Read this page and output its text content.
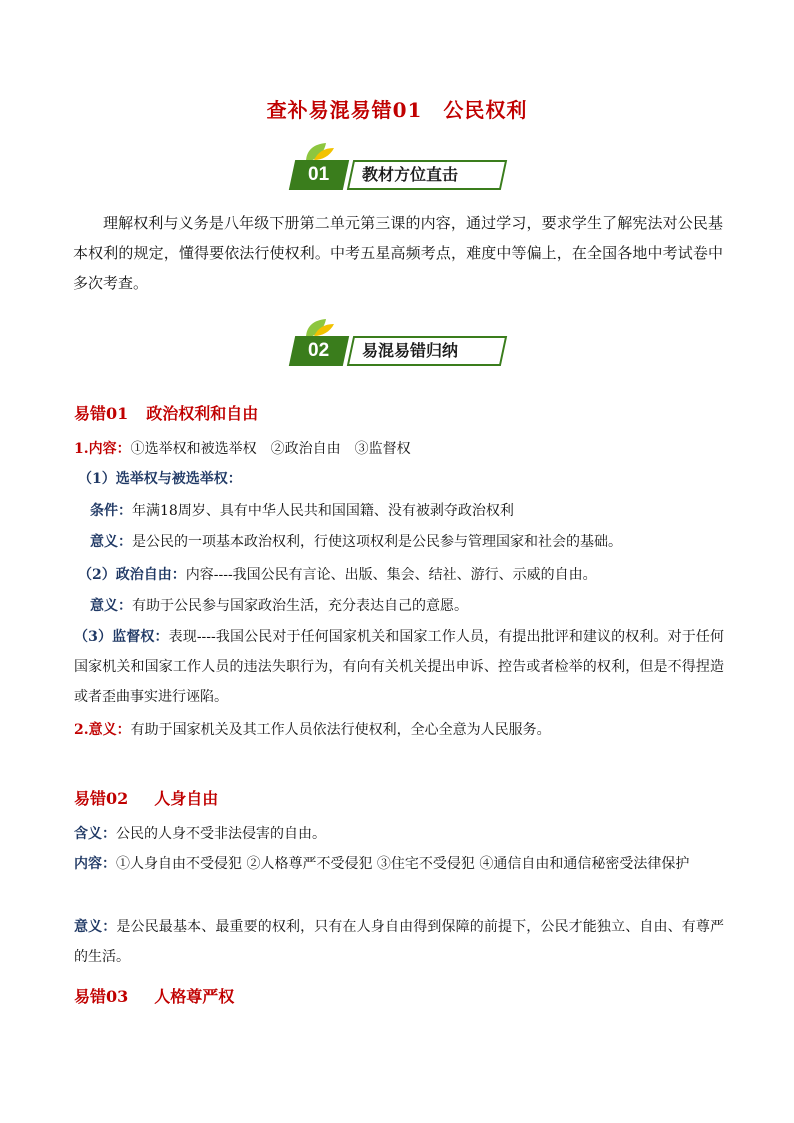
查补易混易错01　公民权利
01	教材方位直击
理解权利与义务是八年级下册第二单元第三课的内容，通过学习，要求学生了解宪法对公民基本权利的规定，懂得要依法行使权利。中考五星高频考点，难度中等偏上，在全国各地中考试卷中多次考查。
02	易混易错归纳
易错01 政治权利和自由
1.内容：①选举权和被选举权　②政治自由　③监督权
（1）选举权与被选举权：
条件：年满18周岁、具有中华人民共和国国籍、没有被剥夺政治权利
意义：是公民的一项基本政治权利，行使这项权利是公民参与管理国家和社会的基础。
（2）政治自由：内容----我国公民有言论、出版、集会、结社、游行、示威的自由。
意义：有助于公民参与国家政治生活，充分表达自己的意愿。
（3）监督权：表现----我国公民对于任何国家机关和国家工作人员，有提出批评和建议的权利。对于任何国家机关和国家工作人员的违法失职行为，有向有关机关提出申诉、控告或者检举的权利，但是不得捏造或者歪曲事实进行诬陷。
2.意义：有助于国家机关及其工作人员依法行使权利，全心全意为人民服务。
易错02 人身自由
含义：公民的人身不受非法侵害的自由。
内容：①人身自由不受侵犯 ②人格尊严不受侵犯 ③住宅不受侵犯 ④通信自由和通信秘密受法律保护
意义：是公民最基本、最重要的权利，只有在人身自由得到保障的前提下，公民才能独立、自由、有尊严的生活。
易错03 人格尊严权
